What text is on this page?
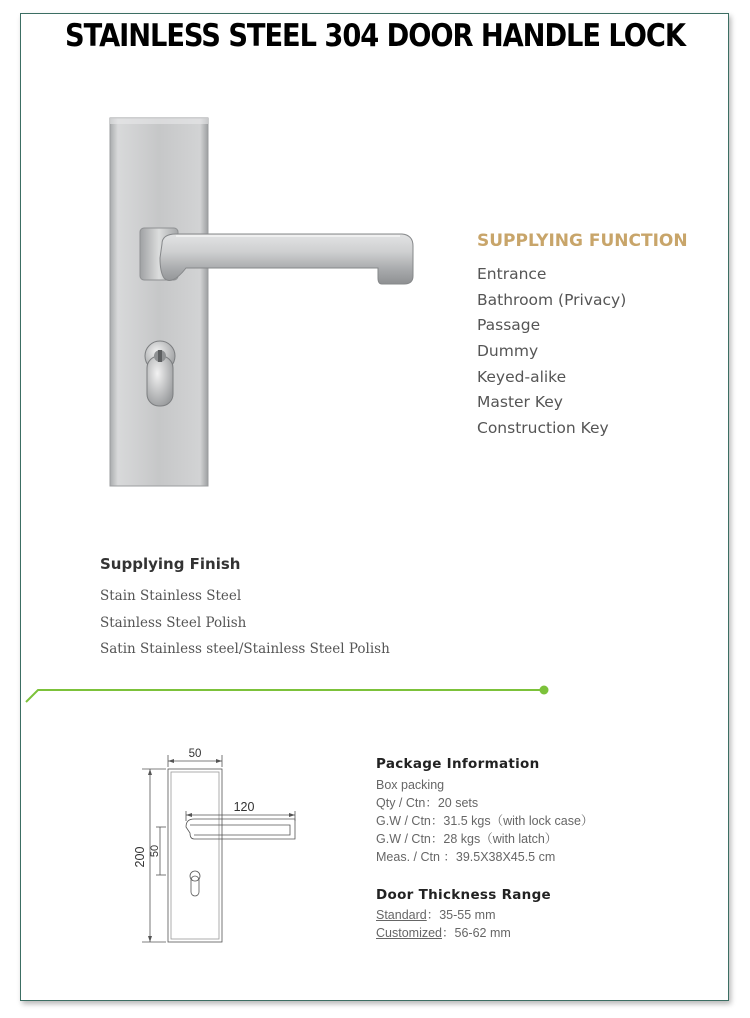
STAINLESS STEEL 304 DOOR HANDLE LOCK
SUPPLYING FUNCTION
Entrance
Bathroom (Privacy)
Passage
Dummy
Keyed-alike
Master Key
Construction Key
Supplying Finish
Stain Stainless Steel
Stainless Steel Polish
Satin Stainless steel/Stainless Steel Polish
50
120
200 50
Package Information
Box packing
Qty / Ctn：20 sets
G.W / Ctn：31.5 kgs（with lock case）
G.W / Ctn：28 kgs（with latch）
Meas. / Ctn ：39.5X38X45.5 cm
Door Thickness Range
Standard：35-55 mm
Customized：56-62 mm
